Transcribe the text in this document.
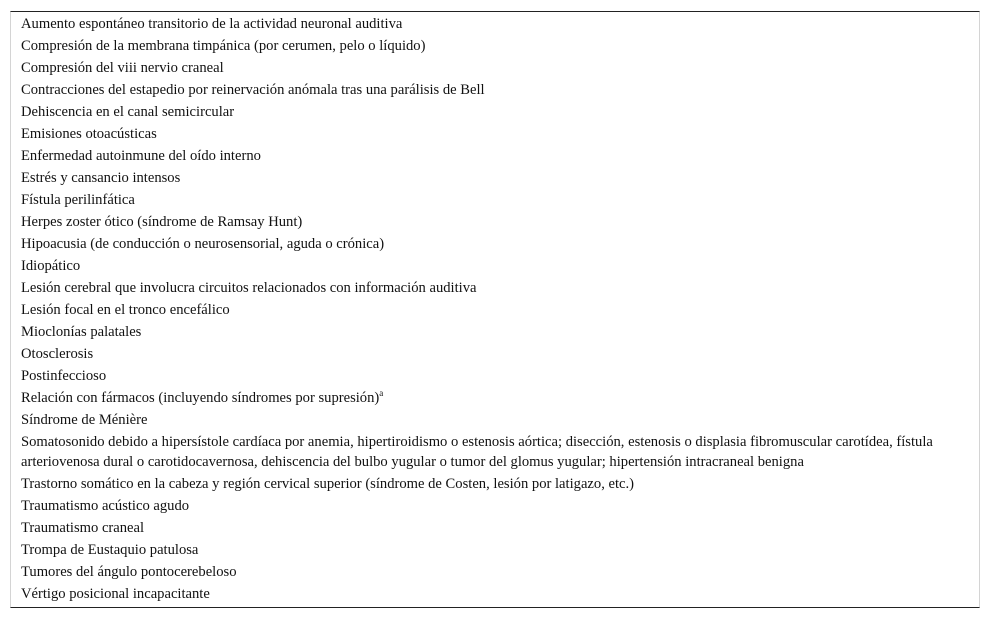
Aumento espontáneo transitorio de la actividad neuronal auditiva
Compresión de la membrana timpánica (por cerumen, pelo o líquido)
Compresión del viii nervio craneal
Contracciones del estapedio por reinervación anómala tras una parálisis de Bell
Dehiscencia en el canal semicircular
Emisiones otoacústicas
Enfermedad autoinmune del oído interno
Estrés y cansancio intensos
Fístula perilinfática
Herpes zoster ótico (síndrome de Ramsay Hunt)
Hipoacusia (de conducción o neurosensorial, aguda o crónica)
Idiopático
Lesión cerebral que involucra circuitos relacionados con información auditiva
Lesión focal en el tronco encefálico
Mioclonías palatales
Otosclerosis
Postinfeccioso
Relación con fármacos (incluyendo síndromes por supresión)$^a$
Síndrome de Ménière
Somatosonido debido a hipersístole cardíaca por anemia, hipertiroidismo o estenosis aórtica; disección, estenosis o displasia fibromuscular carotídea, fístula arteriovenosa dural o carotidocavernosa, dehiscencia del bulbo yugular o tumor del glomus yugular; hipertensión intracraneal benigna
Trastorno somático en la cabeza y región cervical superior (síndrome de Costen, lesión por latigazo, etc.)
Traumatismo acústico agudo
Traumatismo craneal
Trompa de Eustaquio patulosa
Tumores del ángulo pontocerebeloso
Vértigo posicional incapacitante
